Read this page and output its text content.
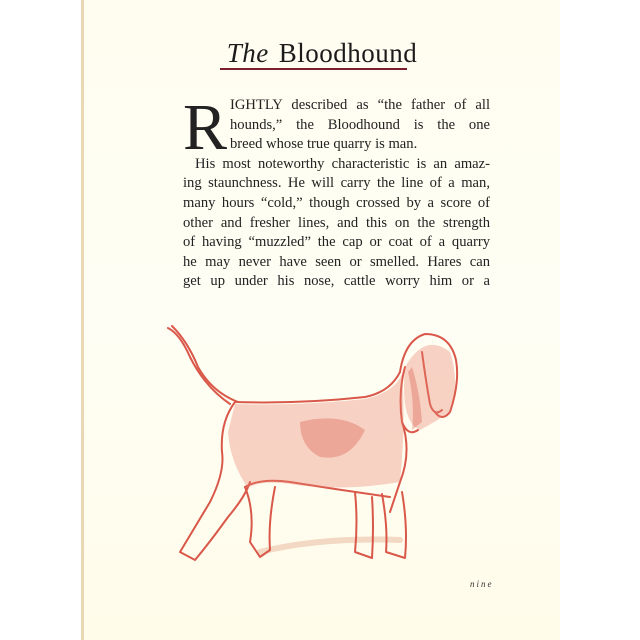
The Bloodhound
R IGHTLY described as “the father of all
hounds,” the Bloodhound is the one
breed whose true quarry is man.
His most noteworthy characteristic is an amaz-
ing staunchness. He will carry the line of a man,
many hours “cold,” though crossed by a score of
other and fresher lines, and this on the strength
of having “muzzled” the cap or coat of a quarry
he may never have seen or smelled. Hares can
get up under his nose, cattle worry him or a
nine
